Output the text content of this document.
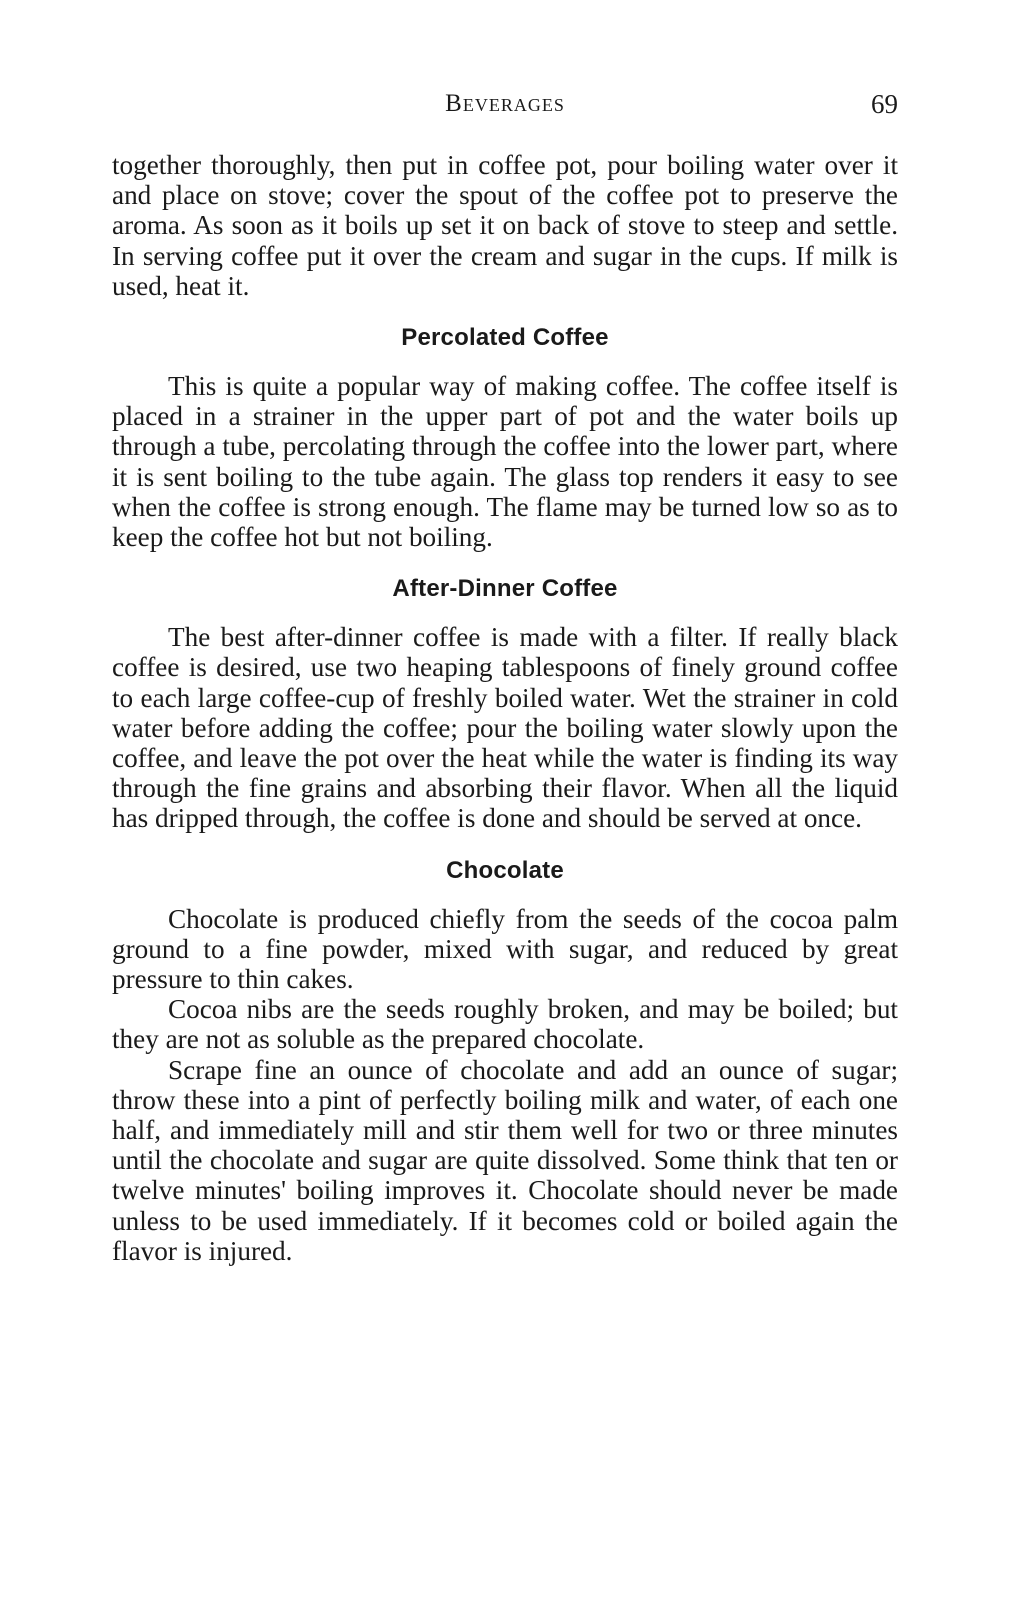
Beverages	69

together thoroughly, then put in coffee pot, pour boiling water over it and place on stove; cover the spout of the coffee pot to preserve the aroma. As soon as it boils up set it on back of stove to steep and settle. In serving coffee put it over the cream and sugar in the cups. If milk is used, heat it.

Percolated Coffee

This is quite a popular way of making coffee. The coffee itself is placed in a strainer in the upper part of pot and the water boils up through a tube, percolating through the coffee into the lower part, where it is sent boiling to the tube again. The glass top renders it easy to see when the coffee is strong enough. The flame may be turned low so as to keep the coffee hot but not boiling.

After-Dinner Coffee

The best after-dinner coffee is made with a filter. If really black coffee is desired, use two heaping tablespoons of finely ground coffee to each large coffee-cup of freshly boiled water. Wet the strainer in cold water before adding the coffee; pour the boiling water slowly upon the coffee, and leave the pot over the heat while the water is finding its way through the fine grains and absorbing their flavor. When all the liquid has dripped through, the coffee is done and should be served at once.

Chocolate

Chocolate is produced chiefly from the seeds of the cocoa palm ground to a fine powder, mixed with sugar, and reduced by great pressure to thin cakes.

Cocoa nibs are the seeds roughly broken, and may be boiled; but they are not as soluble as the prepared chocolate.

Scrape fine an ounce of chocolate and add an ounce of sugar; throw these into a pint of perfectly boiling milk and water, of each one half, and immediately mill and stir them well for two or three minutes until the chocolate and sugar are quite dissolved. Some think that ten or twelve minutes' boiling improves it. Chocolate should never be made unless to be used immediately. If it becomes cold or boiled again the flavor is injured.
